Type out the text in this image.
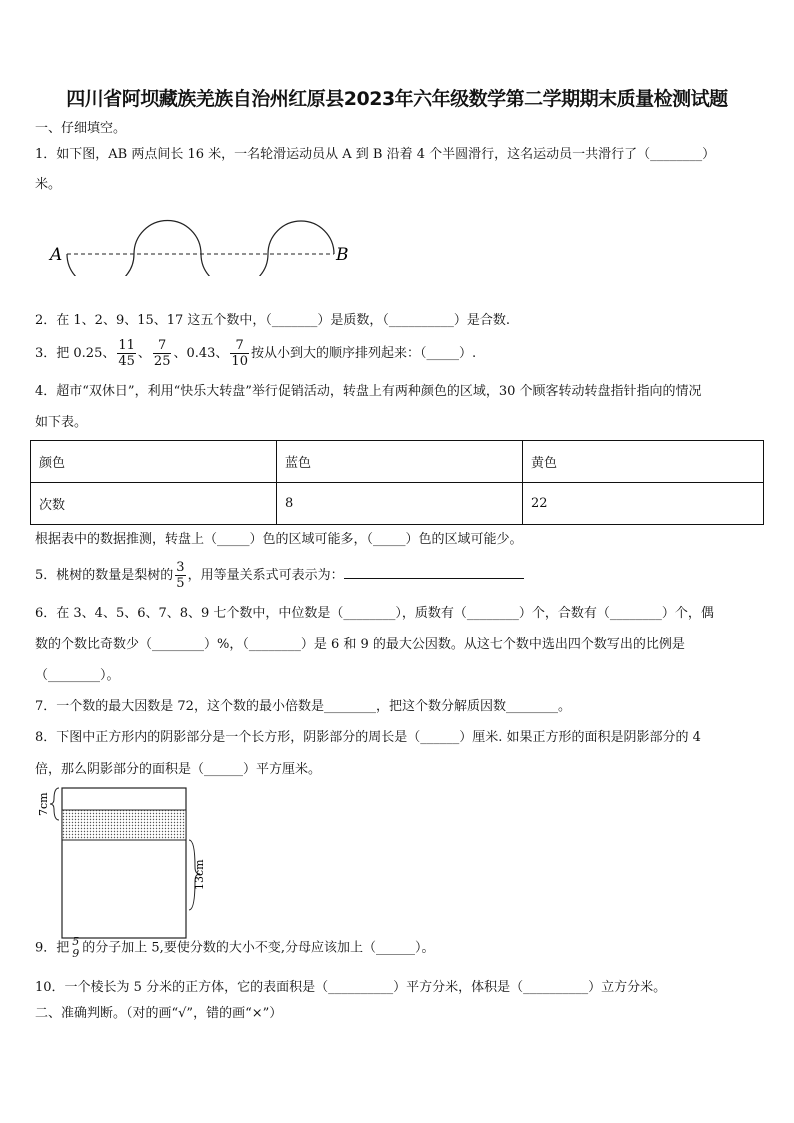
四川省阿坝藏族羌族自治州红原县2023年六年级数学第二学期期末质量检测试题
一、仔细填空。
1．如下图，AB 两点间长 16 米，一名轮滑运动员从 A 到 B 沿着 4 个半圆滑行，这名运动员一共滑行了（________）
米。
A	B
2．在 1、2、9、15、17 这五个数中，（_______）是质数，（__________）是合数.
3．把 0.25、 $\frac{11}{45}$ 、 $\frac{7}{25}$ 、0.43、 $\frac{7}{10}$ 按从小到大的顺序排列起来：（_____）.
4．超市“双休日”，利用“快乐大转盘”举行促销活动，转盘上有两种颜色的区域，30 个顾客转动转盘指针指向的情况
如下表。
颜色	蓝色	黄色
次数	8	22
根据表中的数据推测，转盘上（_____）色的区域可能多，（_____）色的区域可能少。
5．桃树的数量是梨树的 $\frac{3}{5}$ ，用等量关系式可表示为：
6．在 3、4、5、6、7、8、9 七个数中，中位数是（________），质数有（________）个，合数有（________）个，偶
数的个数比奇数少（________）%，（________）是 6 和 9 的最大公因数。从这七个数中选出四个数写出的比例是
（________）。
7．一个数的最大因数是 72，这个数的最小倍数是________，把这个数分解质因数________。
8．下图中正方形内的阴影部分是一个长方形，阴影部分的周长是（______）厘米. 如果正方形的面积是阴影部分的 4
倍，那么阴影部分的面积是（______）平方厘米。
7cm
13cm
9．把 5
9 的分子加上 5,要使分数的大小不变,分母应该加上（______）。
10．一个棱长为 5 分米的正方体，它的表面积是（__________）平方分米，体积是（__________）立方分米。
二、准确判断。（对的画“√”，错的画“×”）
